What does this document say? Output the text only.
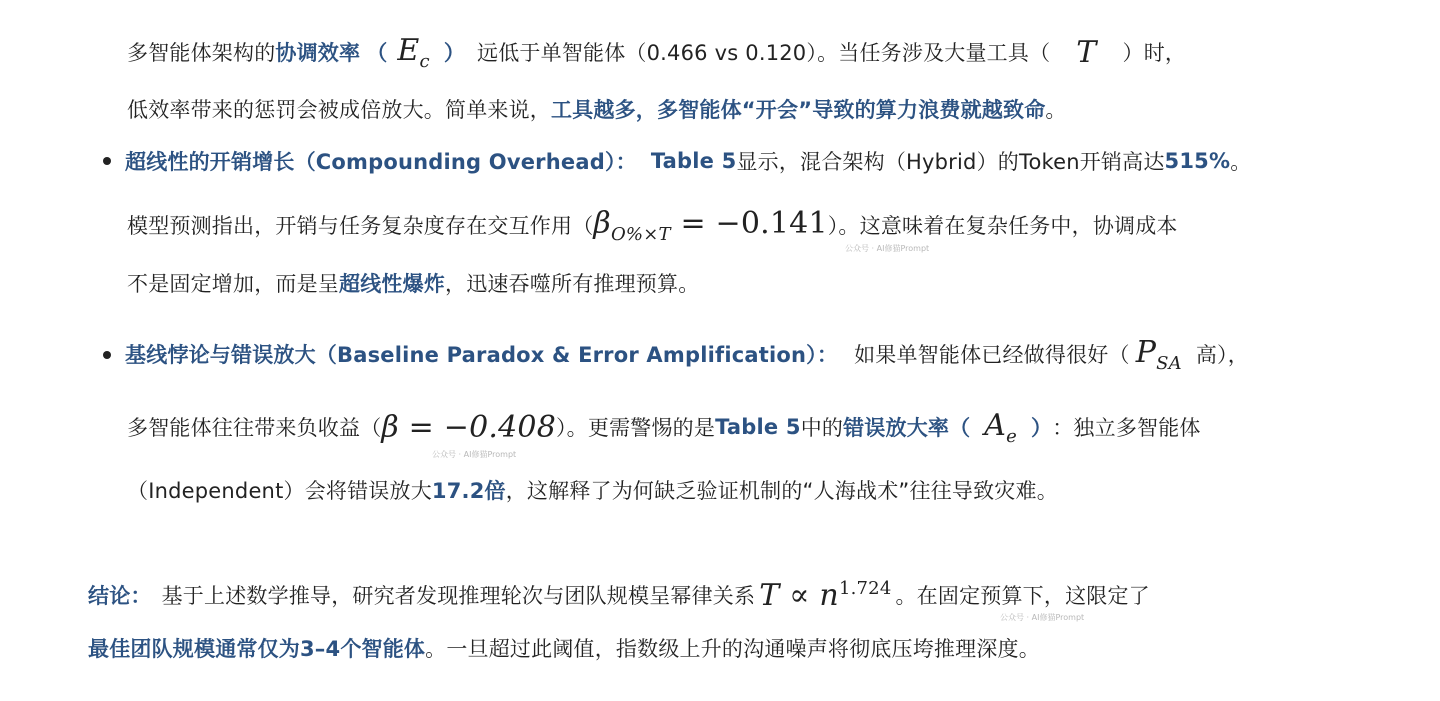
多智能体架构的 协调效率 （ $E_c$ ） 远低于单智能体（0.466 vs 0.120）。当任务涉及大量工具（ T ）时，
低效率带来的惩罚会被成倍放大。简单来说， 工具越多，多智能体“开会”导致的算力浪费就越致命 。
超线性的开销增长（Compounding Overhead）： Table 5 显示，混合架构（Hybrid）的Token开销高达 515% 。
模型预测指出，开销与任务复杂度存在交互作用（ $\beta_{O\%\times T} = -0.141$ ）。这意味着在复杂任务中，协调成本
公众号 · AI修猫Prompt
不是固定增加，而是呈 超线性爆炸 ，迅速吞噬所有推理预算。
基线悖论与错误放大（Baseline Paradox & Error Amplification）： 如果单智能体已经做得很好（ $P_{SA}$ 高），
多智能体往往带来负收益（ β = −0.408 ）。更需警惕的是 Table 5 中的 错误放大率（ $A_e$ ） ：独立多智能体
公众号 · AI修猫Prompt
（Independent）会将错误放大 17.2倍 ，这解释了为何缺乏验证机制的“人海战术”往往导致灾难。
结论： 基于上述数学推导，研究者发现推理轮次与团队规模呈幂律关系 $T \propto n^{1.724}$ 。在固定预算下，这限定了
公众号 · AI修猫Prompt
最佳团队规模通常仅为3–4个智能体 。一旦超过此阈值，指数级上升的沟通噪声将彻底压垮推理深度。
